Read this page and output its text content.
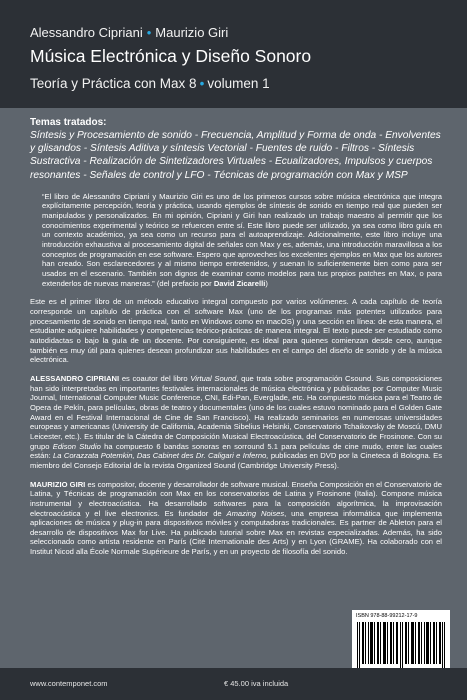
Alessandro Cipriani • Maurizio Giri
Música Electrónica y Diseño Sonoro
Teoría y Práctica con Max 8 • volumen 1
Temas tratados:
Síntesis y Procesamiento de sonido - Frecuencia, Amplitud y Forma de onda - Envolventes y glisandos - Síntesis Aditiva y síntesis Vectorial - Fuentes de ruido - Filtros - Síntesis Sustractiva - Realización de Sintetizadores Virtuales - Ecualizadores, Impulsos y cuerpos resonantes - Señales de control y LFO - Técnicas de programación con Max y MSP
“El libro de Alessandro Cipriani y Maurizio Giri es uno de los primeros cursos sobre música electrónica que integra explícitamente percepción, teoría y práctica, usando ejemplos de síntesis de sonido en tiempo real que pueden ser manipulados y personalizados. En mi opinión, Cipriani y Giri han realizado un trabajo maestro al permitir que los conocimientos experimental y teórico se refuercen entre sí. Este libro puede ser utilizado, ya sea como libro guía en un contexto académico, ya sea como un recurso para el autoaprendizaje. Adicionalmente, este libro incluye una introducción exhaustiva al procesamiento digital de señales con Max y es, además, una introducción maravillosa a los conceptos de programación en ese software. Espero que aproveches los excelentes ejemplos en Max que los autores han creado. Son esclarecedores y al mismo tiempo entretenidos, y suenan lo suficientemente bien como para ser usados en el escenario. También son dignos de examinar como modelos para tus propios patches en Max, o para extenderlos de nuevas maneras.” (del prefacio por David Zicarelli)
Este es el primer libro de un método educativo integral compuesto por varios volúmenes. A cada capítulo de teoría corresponde un capítulo de práctica con el software Max (uno de los programas más potentes utilizados para procesamiento de sonido en tiempo real, tanto en Windows como en macOS) y una sección en línea: de esta manera, el estudiante adquiere habilidades y competencias teórico-prácticas de manera integral. El texto puede ser estudiado como autodidactas o bajo la guía de un docente. Por consiguiente, es ideal para quienes comienzan desde cero, aunque también es muy útil para quienes desean profundizar sus habilidades en el campo del diseño de sonido y de la música electrónica.
ALESSANDRO CIPRIANI es coautor del libro Virtual Sound, que trata sobre programación Csound. Sus composiciones han sido interpretadas en importantes festivales internacionales de música electrónica y publicadas por Computer Music Journal, International Computer Music Conference, CNI, Edi-Pan, Everglade, etc. Ha compuesto música para el Teatro de Opera de Pekín, para películas, obras de teatro y documentales (uno de los cuales estuvo nominado para el Golden Gate Award en el Festival Internacional de Cine de San Francisco). Ha realizado seminarios en numerosas universidades europeas y americanas (University de California, Academia Sibelius Helsinki, Conservatorio Tchaikovsky de Moscú, DMU Leicester, etc.). Es titular de la Cátedra de Composición Musical Electroacústica, del Conservatorio de Frosinone. Con su grupo Edison Studio ha compuesto 6 bandas sonoras en sorround 5.1 para películas de cine mudo, entre las cuales están: La Corazzata Potemkin, Das Cabinet des Dr. Caligari e Inferno, publicadas en DVD por la Cineteca di Bologna. Es miembro del Consejo Editorial de la revista Organized Sound (Cambridge University Press).
MAURIZIO GIRI es compositor, docente y desarrollador de software musical. Enseña Composición en el Conservatorio de Latina, y Técnicas de programación con Max en los conservatorios de Latina y Frosinone (Italia). Compone música instrumental y electroacústica. Ha desarrollado softwares para la composición algorítmica, la improvisación electroacústica y el live electronics. Es fundador de Amazing Noises, una empresa informática que implementa aplicaciones de música y plug-in para dispositivos móviles y computadoras tradicionales. Es partner de Ableton para el desarrollo de dispositivos Max for Live. Ha publicado tutorial sobre Max en revistas especializadas. Además, ha sido seleccionado como artista residente en París (Cité Internationale des Arts) y en Lyon (GRAME). Ha colaborado con el Institut Nicod alla École Normale Supérieure de París, y en un proyecto de filosofía del sonido.
ISBN 978-88-99212-17-9
www.contemponet.com	€ 45.00 iva incluida
